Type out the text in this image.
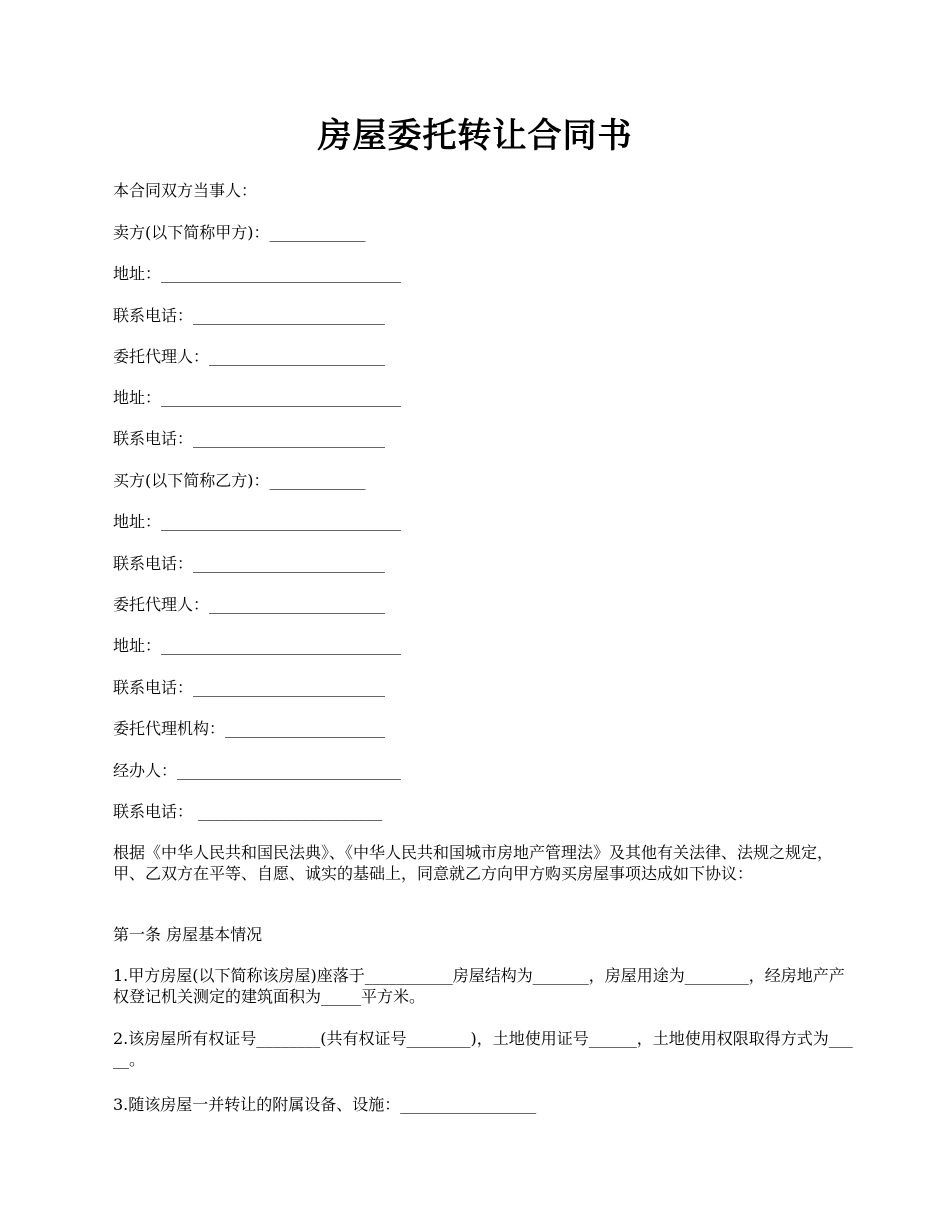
房屋委托转让合同书
本合同双方当事人：
卖方(以下简称甲方)：____________
地址：______________________________
联系电话：________________________
委托代理人：______________________
地址：______________________________
联系电话：________________________
买方(以下简称乙方)：____________
地址：______________________________
联系电话：________________________
委托代理人：______________________
地址：______________________________
联系电话：________________________
委托代理机构：____________________
经办人：____________________________
联系电话： _______________________
根据《中华人民共和国民法典》、《中华人民共和国城市房地产管理法》及其他有关法律、法规之规定，甲、乙双方在平等、自愿、诚实的基础上，同意就乙方向甲方购买房屋事项达成如下协议：
第一条 房屋基本情况
1.甲方房屋(以下简称该房屋)座落于___________房屋结构为_______，房屋用途为________，经房地产产权登记机关测定的建筑面积为_____平方米。
2.该房屋所有权证号________(共有权证号________)，土地使用证号______，土地使用权限取得方式为_____。
3.随该房屋一并转让的附属设备、设施：_________________
